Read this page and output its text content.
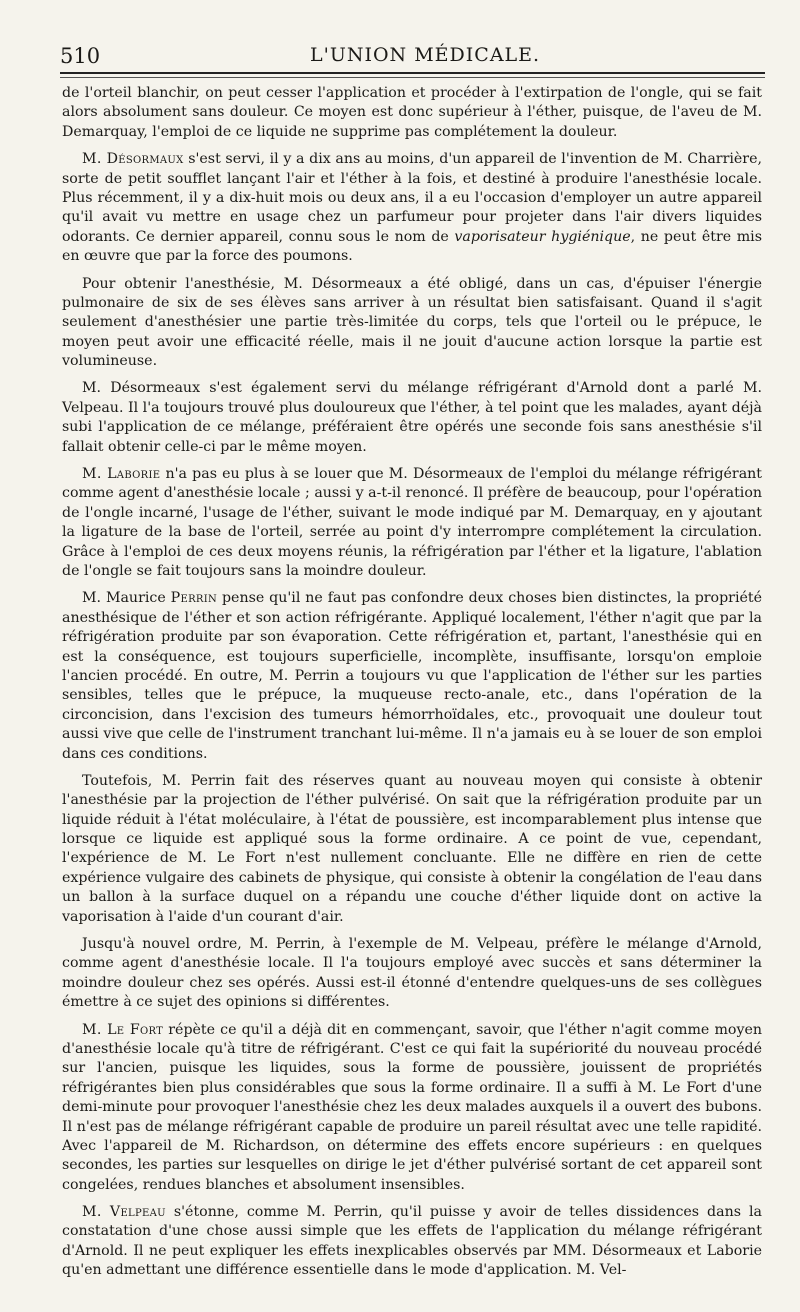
510	L'UNION MÉDICALE.

de l'orteil blanchir, on peut cesser l'application et procéder à l'extirpation de l'ongle, qui se fait alors absolument sans douleur. Ce moyen est donc supérieur à l'éther, puisque, de l'aveu de M. Demarquay, l'emploi de ce liquide ne supprime pas complétement la douleur.

M. Désormaux s'est servi, il y a dix ans au moins, d'un appareil de l'invention de M. Charrière, sorte de petit soufflet lançant l'air et l'éther à la fois, et destiné à produire l'anesthésie locale. Plus récemment, il y a dix-huit mois ou deux ans, il a eu l'occasion d'employer un autre appareil qu'il avait vu mettre en usage chez un parfumeur pour projeter dans l'air divers liquides odorants. Ce dernier appareil, connu sous le nom de vaporisateur hygiénique, ne peut être mis en œuvre que par la force des poumons.

Pour obtenir l'anesthésie, M. Désormeaux a été obligé, dans un cas, d'épuiser l'énergie pulmonaire de six de ses élèves sans arriver à un résultat bien satisfaisant. Quand il s'agit seulement d'anesthésier une partie très-limitée du corps, tels que l'orteil ou le prépuce, le moyen peut avoir une efficacité réelle, mais il ne jouit d'aucune action lorsque la partie est volumineuse.

M. Désormeaux s'est également servi du mélange réfrigérant d'Arnold dont a parlé M. Velpeau. Il l'a toujours trouvé plus douloureux que l'éther, à tel point que les malades, ayant déjà subi l'application de ce mélange, préféraient être opérés une seconde fois sans anesthésie s'il fallait obtenir celle-ci par le même moyen.

M. Laborie n'a pas eu plus à se louer que M. Désormeaux de l'emploi du mélange réfrigérant comme agent d'anesthésie locale ; aussi y a-t-il renoncé. Il préfère de beaucoup, pour l'opération de l'ongle incarné, l'usage de l'éther, suivant le mode indiqué par M. Demarquay, en y ajoutant la ligature de la base de l'orteil, serrée au point d'y interrompre complétement la circulation. Grâce à l'emploi de ces deux moyens réunis, la réfrigération par l'éther et la ligature, l'ablation de l'ongle se fait toujours sans la moindre douleur.

M. Maurice Perrin pense qu'il ne faut pas confondre deux choses bien distinctes, la propriété anesthésique de l'éther et son action réfrigérante. Appliqué localement, l'éther n'agit que par la réfrigération produite par son évaporation. Cette réfrigération et, partant, l'anesthésie qui en est la conséquence, est toujours superficielle, incomplète, insuffisante, lorsqu'on emploie l'ancien procédé. En outre, M. Perrin a toujours vu que l'application de l'éther sur les parties sensibles, telles que le prépuce, la muqueuse recto-anale, etc., dans l'opération de la circoncision, dans l'excision des tumeurs hémorrhoïdales, etc., provoquait une douleur tout aussi vive que celle de l'instrument tranchant lui-même. Il n'a jamais eu à se louer de son emploi dans ces conditions.

Toutefois, M. Perrin fait des réserves quant au nouveau moyen qui consiste à obtenir l'anesthésie par la projection de l'éther pulvérisé. On sait que la réfrigération produite par un liquide réduit à l'état moléculaire, à l'état de poussière, est incomparablement plus intense que lorsque ce liquide est appliqué sous la forme ordinaire. A ce point de vue, cependant, l'expérience de M. Le Fort n'est nullement concluante. Elle ne diffère en rien de cette expérience vulgaire des cabinets de physique, qui consiste à obtenir la congélation de l'eau dans un ballon à la surface duquel on a répandu une couche d'éther liquide dont on active la vaporisation à l'aide d'un courant d'air.

Jusqu'à nouvel ordre, M. Perrin, à l'exemple de M. Velpeau, préfère le mélange d'Arnold, comme agent d'anesthésie locale. Il l'a toujours employé avec succès et sans déterminer la moindre douleur chez ses opérés. Aussi est-il étonné d'entendre quelques-uns de ses collègues émettre à ce sujet des opinions si différentes.

M. Le Fort répète ce qu'il a déjà dit en commençant, savoir, que l'éther n'agit comme moyen d'anesthésie locale qu'à titre de réfrigérant. C'est ce qui fait la supériorité du nouveau procédé sur l'ancien, puisque les liquides, sous la forme de poussière, jouissent de propriétés réfrigérantes bien plus considérables que sous la forme ordinaire. Il a suffi à M. Le Fort d'une demi-minute pour provoquer l'anesthésie chez les deux malades auxquels il a ouvert des bubons. Il n'est pas de mélange réfrigérant capable de produire un pareil résultat avec une telle rapidité. Avec l'appareil de M. Richardson, on détermine des effets encore supérieurs : en quelques secondes, les parties sur lesquelles on dirige le jet d'éther pulvérisé sortant de cet appareil sont congelées, rendues blanches et absolument insensibles.

M. Velpeau s'étonne, comme M. Perrin, qu'il puisse y avoir de telles dissidences dans la constatation d'une chose aussi simple que les effets de l'application du mélange réfrigérant d'Arnold. Il ne peut expliquer les effets inexplicables observés par MM. Désormeaux et Laborie qu'en admettant une différence essentielle dans le mode d'application. M. Vel-
